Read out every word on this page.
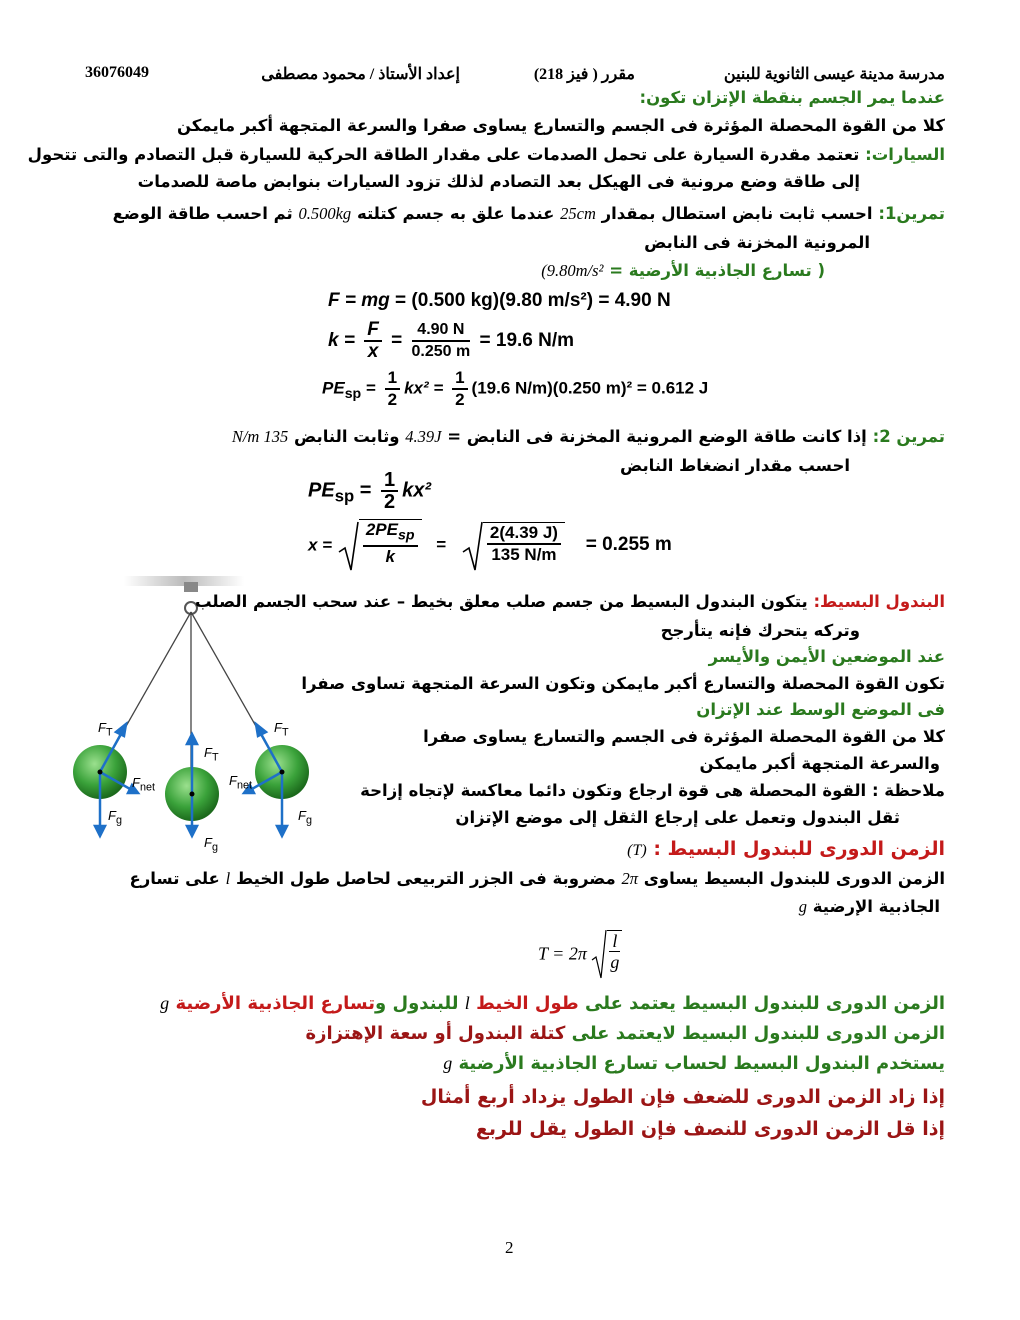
مدرسة مدينة عيسى الثانوية للبنين
مقرر ( فيز 218)
إعداد الأستاذ / محمود مصطفى
36076049
عندما يمر الجسم بنقطة الإتزان تكون:
كلا من القوة المحصلة المؤثرة فى الجسم والتسارع يساوى صفرا والسرعة المتجهة أكبر مايمكن
السيارات: تعتمد مقدرة السيارة على تحمل الصدمات على مقدار الطاقة الحركية للسيارة قبل التصادم والتى تتحول
إلى طاقة وضع مرونية فى الهيكل بعد التصادم لذلك تزود السيارات بنوابض ماصة للصدمات
تمرين1: احسب ثابت نابض استطال بمقدار 25cm عندما علق به جسم كتلته 0.500kg ثم احسب طاقة الوضع
المرونية المخزنة فى النابض
( تسارع الجاذبية الأرضية = 9.80m/s²)
F = mg = (0.500 kg)(9.80 m/s²) = 4.90 N
$k = \frac{F}{x} = \frac{4.90 N}{0.250 m} = 19.6$ N/m
$PE_{sp} = \frac{1}{2} kx^2 = \frac{1}{2} (19.6$ N/m)(0.250 m)² = 0.612 J
تمرين 2: إذا كانت طاقة الوضع المرونية المخزنة فى النابض = 4.39J وثابت النابض 135 N/m
احسب مقدار انضغاط النابض
$PE_{sp} = \frac{1}{2} kx^2$
$x = \frac{2PE_{sp}}{k} = \frac{2(4.39 J)}{135 N/m} = 0.255$ m
$F_T$	$F_T$
$F_T$
$F_{net}$	$F_{net}$
$F_g$	$F_g$
$F_g$
البندول البسيط: يتكون البندول البسيط من جسم صلب معلق بخيط – عند سحب الجسم الصلب
وتركه يتحرك فإنه يتأرجح
عند الموضعين الأيمن والأيسر
تكون القوة المحصلة والتسارع أكبر مايمكن وتكون السرعة المتجهة تساوى صفرا
فى الموضع الوسط عند الإتزان
كلا من القوة المحصلة المؤثرة فى الجسم والتسارع يساوى صفرا
والسرعة المتجهة أكبر مايمكن
ملاحظة : القوة المحصلة هى قوة ارجاع وتكون دائما معاكسة لإتجاه إزاحة
ثقل البندول وتعمل على إرجاع الثقل إلى موضع الإتزان
الزمن الدورى للبندول البسيط : (T)
الزمن الدورى للبندول البسيط يساوى 2π مضروبة فى الجزر التربيعى لحاصل طول الخيط l على تسارع
الجاذبية الإرضية g
$T = 2\pi \frac{l}{g}$
الزمن الدورى للبندول البسيط يعتمد على طول الخيط l للبندول وتسارع الجاذبية الأرضية g
الزمن الدورى للبندول البسيط لايعتمد على كتلة البندول أو سعة الإهتزازة
يستخدم البندول البسيط لحساب تسارع الجاذبية الأرضية g
إذا زاد الزمن الدورى للضعف فإن الطول يزداد أربع أمثال
إذا قل الزمن الدورى للنصف فإن الطول يقل للربع
2
